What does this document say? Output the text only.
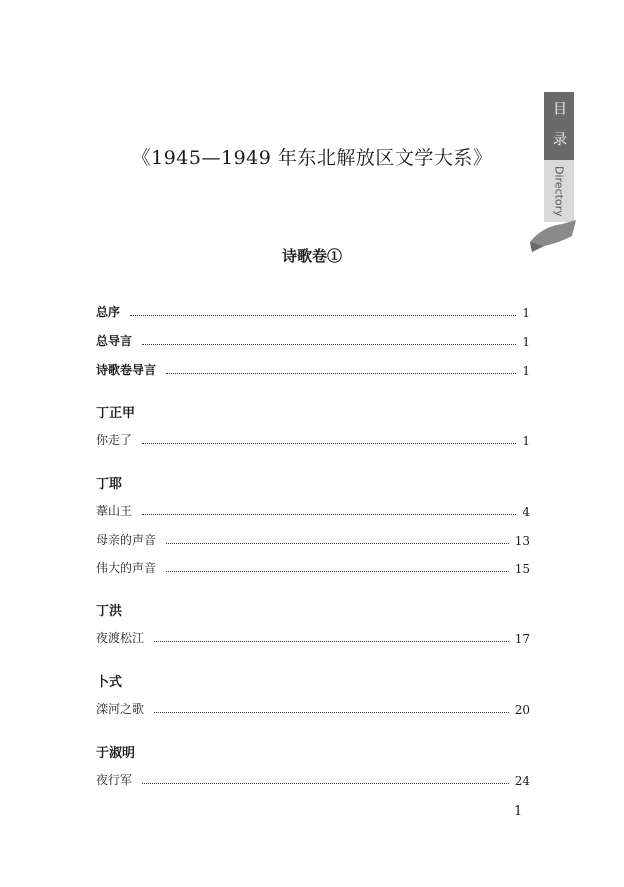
《1945—1949 年东北解放区文学大系》
目 录
Directory
诗歌卷①
总序	1
总导言	1
诗歌卷导言	1
丁正甲
你走了	1
丁耶
葦山王	4
母亲的声音	13
伟大的声音	15
丁洪
夜渡松江	17
卜式
滦河之歌	20
于淑明
夜行军	24
1
